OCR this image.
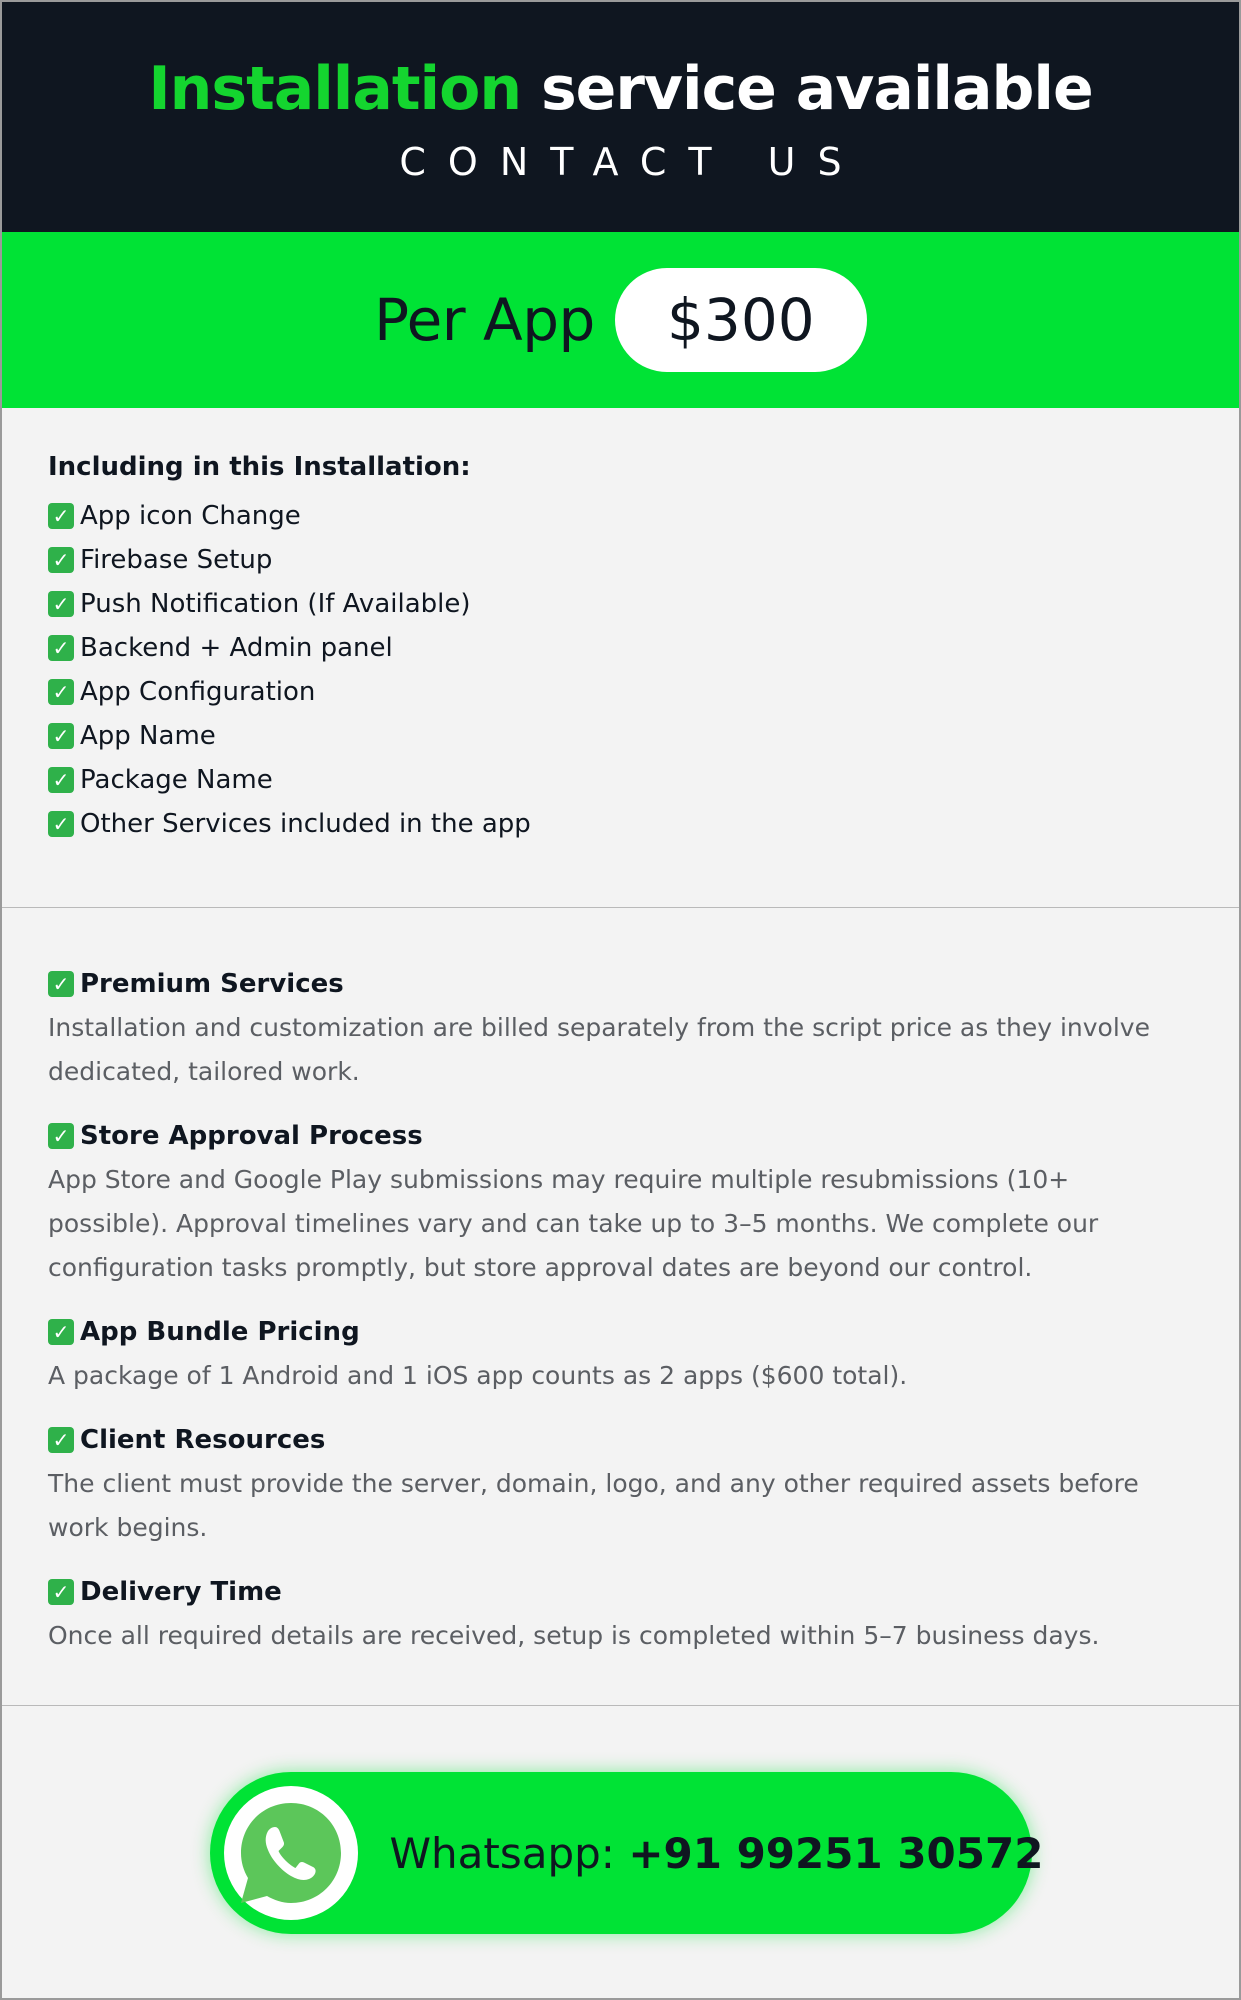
Installation service available
CONTACT US
Per App $300
Including in this Installation:
✓ App icon Change
✓ Firebase Setup
✓ Push Notification (If Available)
✓ Backend + Admin panel
✓ App Configuration
✓ App Name
✓ Package Name
✓ Other Services included in the app
✓ Premium Services
Installation and customization are billed separately from the script price as they involve dedicated, tailored work.
✓ Store Approval Process
App Store and Google Play submissions may require multiple resubmissions (10+ possible). Approval timelines vary and can take up to 3–5 months. We complete our configuration tasks promptly, but store approval dates are beyond our control.
✓ App Bundle Pricing
A package of 1 Android and 1 iOS app counts as 2 apps ($600 total).
✓ Client Resources
The client must provide the server, domain, logo, and any other required assets before work begins.
✓ Delivery Time
Once all required details are received, setup is completed within 5–7 business days.
Whatsapp: +91 99251 30572
